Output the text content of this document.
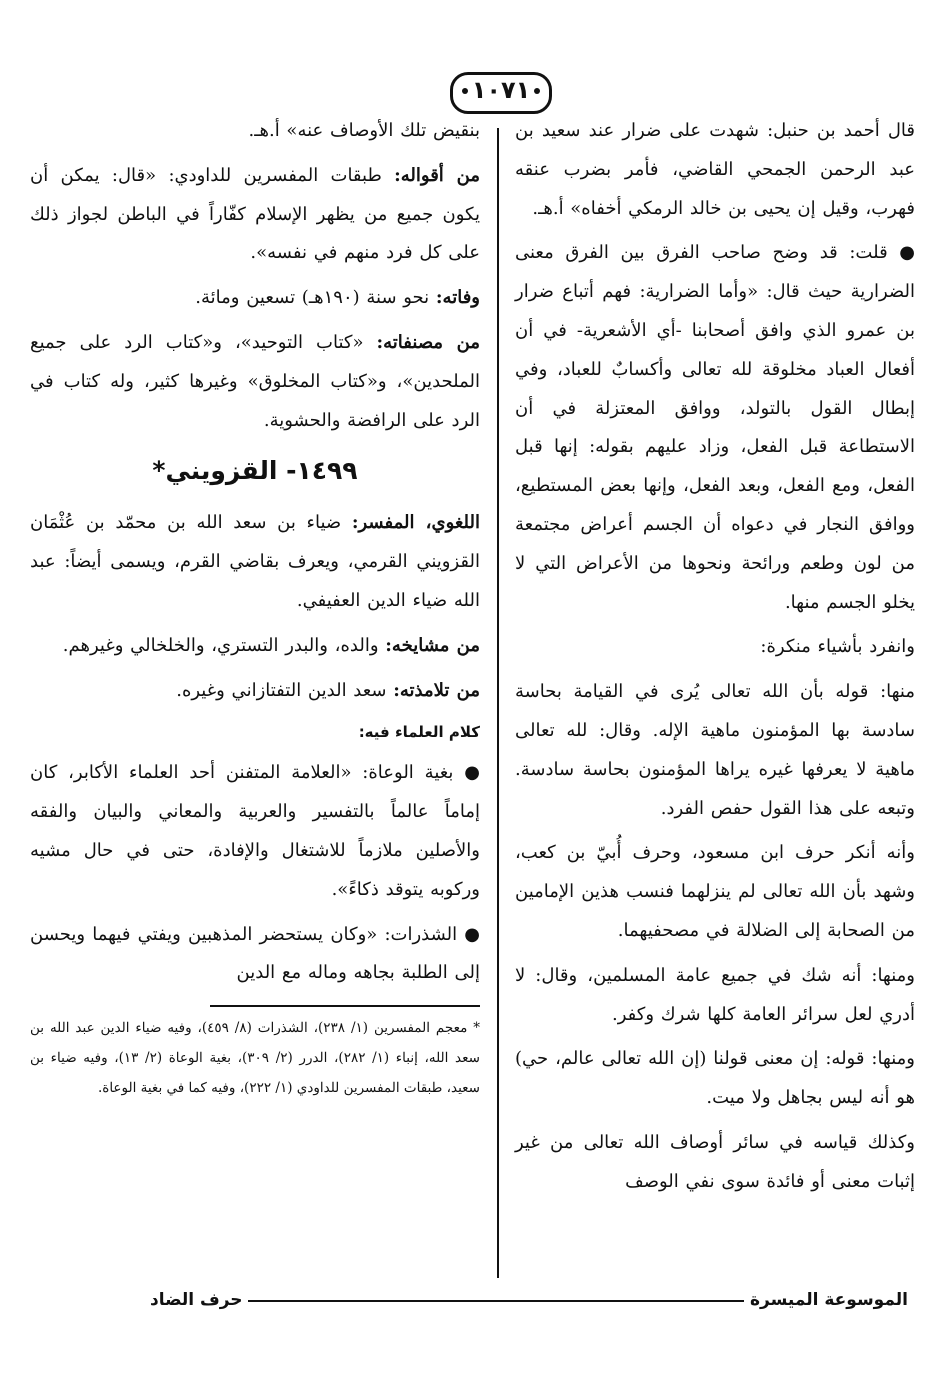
١٠٧١

قال أحمد بن حنبل: شهدت على ضرار عند سعيد بن عبد الرحمن الجمحي القاضي، فأمر بضرب عنقه فهرب، وقيل إن يحيى بن خالد الرمكي أخفاه» أ.هـ.

● قلت: قد وضح صاحب الفرق بين الفرق معنى الضرارية حيث قال: «وأما الضرارية: فهم أتباع ضرار بن عمرو الذي وافق أصحابنا -أي الأشعرية- في أن أفعال العباد مخلوقة لله تعالى وأكسابٌ للعباد، وفي إبطال القول بالتولد، ووافق المعتزلة في أن الاستطاعة قبل الفعل، وزاد عليهم بقوله: إنها قبل الفعل، ومع الفعل، وبعد الفعل، وإنها بعض المستطيع، ووافق النجار في دعواه أن الجسم أعراض مجتمعة من لون وطعم ورائحة ونحوها من الأعراض التي لا يخلو الجسم منها.

وانفرد بأشياء منكرة:

منها: قوله بأن الله تعالى يُرى في القيامة بحاسة سادسة بها المؤمنون ماهية الإله. وقال: لله تعالى ماهية لا يعرفها غيره يراها المؤمنون بحاسة سادسة. وتبعه على هذا القول حفص الفرد.

وأنه أنكر حرف ابن مسعود، وحرف أُبيّ بن كعب، وشهد بأن الله تعالى لم ينزلهما فنسب هذين الإمامين من الصحابة إلى الضلالة في مصحفيهما.

ومنها: أنه شك في جميع عامة المسلمين، وقال: لا أدري لعل سرائر العامة كلها شرك وكفر.

ومنها: قوله: إن معنى قولنا (إن الله تعالى عالم، حي) هو أنه ليس بجاهل ولا ميت.

وكذلك قياسه في سائر أوصاف الله تعالى من غير إثبات معنى أو فائدة سوى نفي الوصف

بنقيض تلك الأوصاف عنه» أ.هـ.

من أقواله: طبقات المفسرين للداودي: «قال: يمكن أن يكون جميع من يظهر الإسلام كفّاراً في الباطن لجواز ذلك على كل فرد منهم في نفسه».

وفاته: نحو سنة (١٩٠هـ) تسعين ومائة.

من مصنفاته: «كتاب التوحيد»، و«كتاب الرد على جميع الملحدين»، و«كتاب المخلوق» وغيرها كثير، وله كتاب في الرد على الرافضة والحشوية.

١٤٩٩- القزويني*

اللغوي، المفسر: ضياء بن سعد الله بن محمّد بن عُثْمَان القزويني القرمي، ويعرف بقاضي القرم، ويسمى أيضاً: عبد الله ضياء الدين العفيفي.

من مشايخه: والده، والبدر التستري، والخلخالي وغيرهم.

من تلامذته: سعد الدين التفتازاني وغيره.

كلام العلماء فيه:

● بغية الوعاة: «العلامة المتفنن أحد العلماء الأكابر، كان إماماً عالماً بالتفسير والعربية والمعاني والبيان والفقه والأصلين ملازماً للاشتغال والإفادة، حتى في حال مشيه وركوبه يتوقد ذكاءً».

● الشذرات: «وكان يستحضر المذهبين ويفتي فيهما ويحسن إلى الطلبة بجاهه وماله مع الدين

* معجم المفسرين (١/ ٢٣٨)، الشذرات (٨/ ٤٥٩)، وفيه ضياء الدين عبد الله بن سعد الله، إنباء (١/ ٢٨٢)، الدرر (٢/ ٣٠٩)، بغية الوعاة (٢/ ١٣)، وفيه ضياء بن سعيد، طبقات المفسرين للداودي (١/ ٢٢٢)، وفيه كما في بغية الوعاة.

الموسوعة الميسرة
حرف الضاد
